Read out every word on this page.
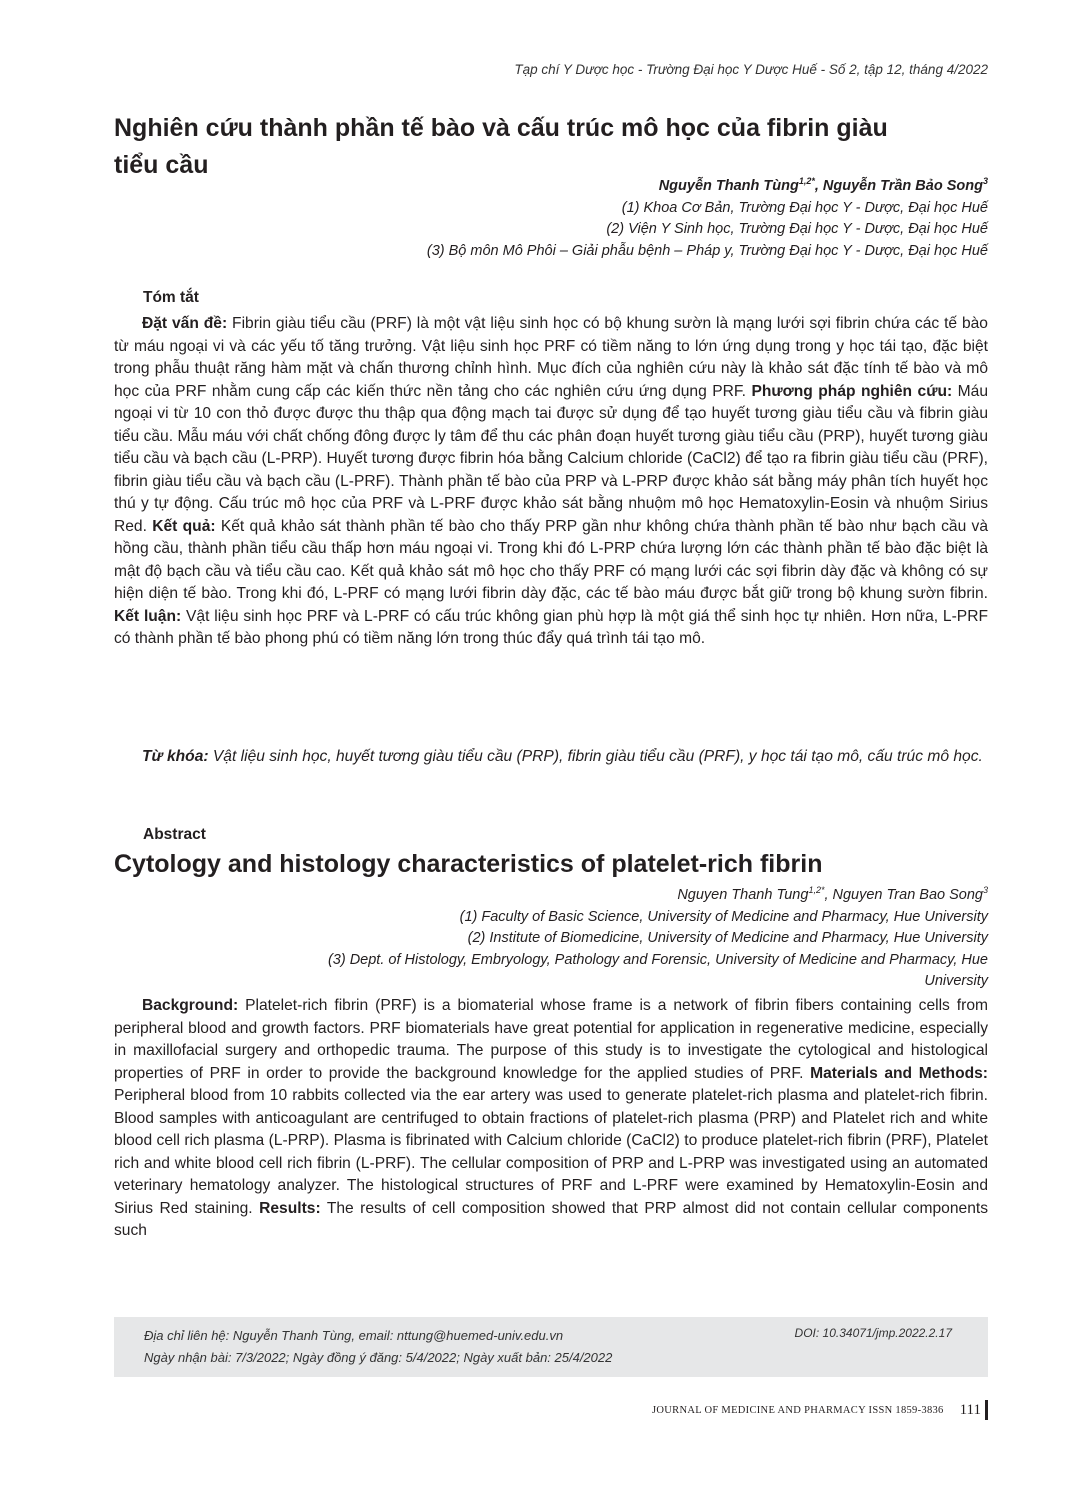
Tạp chí Y Dược học - Trường Đại học Y Dược Huế - Số 2, tập 12, tháng 4/2022
Nghiên cứu thành phần tế bào và cấu trúc mô học của fibrin giàu
tiểu cầu
Nguyễn Thanh Tùng$^{1,2*}$, Nguyễn Trần Bảo Song$^3$
(1) Khoa Cơ Bản, Trường Đại học Y - Dược, Đại học Huế
(2) Viện Y Sinh học, Trường Đại học Y - Dược, Đại học Huế
(3) Bộ môn Mô Phôi – Giải phẫu bệnh – Pháp y, Trường Đại học Y - Dược, Đại học Huế
Tóm tắt
Đặt vấn đề: Fibrin giàu tiểu cầu (PRF) là một vật liệu sinh học có bộ khung sườn là mạng lưới sợi fibrin chứa các tế bào từ máu ngoại vi và các yếu tố tăng trưởng. Vật liệu sinh học PRF có tiềm năng to lớn ứng dụng trong y học tái tạo, đặc biệt trong phẫu thuật răng hàm mặt và chấn thương chỉnh hình. Mục đích của nghiên cứu này là khảo sát đặc tính tế bào và mô học của PRF nhằm cung cấp các kiến thức nền tảng cho các nghiên cứu ứng dụng PRF. Phương pháp nghiên cứu: Máu ngoại vi từ 10 con thỏ được được thu thập qua động mạch tai được sử dụng để tạo huyết tương giàu tiểu cầu và fibrin giàu tiểu cầu. Mẫu máu với chất chống đông được ly tâm để thu các phân đoạn huyết tương giàu tiểu cầu (PRP), huyết tương giàu tiểu cầu và bạch cầu (L-PRP). Huyết tương được fibrin hóa bằng Calcium chloride (CaCl2) để tạo ra fibrin giàu tiểu cầu (PRF), fibrin giàu tiểu cầu và bạch cầu (L-PRF). Thành phần tế bào của PRP và L-PRP được khảo sát bằng máy phân tích huyết học thú y tự động. Cấu trúc mô học của PRF và L-PRF được khảo sát bằng nhuộm mô học Hematoxylin-Eosin và nhuộm Sirius Red. Kết quả: Kết quả khảo sát thành phần tế bào cho thấy PRP gần như không chứa thành phần tế bào như bạch cầu và hồng cầu, thành phần tiểu cầu thấp hơn máu ngoại vi. Trong khi đó L-PRP chứa lượng lớn các thành phần tế bào đặc biệt là mật độ bạch cầu và tiểu cầu cao. Kết quả khảo sát mô học cho thấy PRF có mạng lưới các sợi fibrin dày đặc và không có sự hiện diện tế bào. Trong khi đó, L-PRF có mạng lưới fibrin dày đặc, các tế bào máu được bắt giữ trong bộ khung sườn fibrin. Kết luận: Vật liệu sinh học PRF và L-PRF có cấu trúc không gian phù hợp là một giá thể sinh học tự nhiên. Hơn nữa, L-PRF có thành phần tế bào phong phú có tiềm năng lớn trong thúc đẩy quá trình tái tạo mô.
Từ khóa: Vật liệu sinh học, huyết tương giàu tiểu cầu (PRP), fibrin giàu tiểu cầu (PRF), y học tái tạo mô, cấu trúc mô học.
Abstract
Cytology and histology characteristics of platelet-rich fibrin
Nguyen Thanh Tung$^{1,2*}$, Nguyen Tran Bao Song$^3$
(1) Faculty of Basic Science, University of Medicine and Pharmacy, Hue University
(2) Institute of Biomedicine, University of Medicine and Pharmacy, Hue University
(3) Dept. of Histology, Embryology, Pathology and Forensic, University of Medicine and Pharmacy, Hue University
Background: Platelet-rich fibrin (PRF) is a biomaterial whose frame is a network of fibrin fibers containing cells from peripheral blood and growth factors. PRF biomaterials have great potential for application in regenerative medicine, especially in maxillofacial surgery and orthopedic trauma. The purpose of this study is to investigate the cytological and histological properties of PRF in order to provide the background knowledge for the applied studies of PRF. Materials and Methods: Peripheral blood from 10 rabbits collected via the ear artery was used to generate platelet-rich plasma and platelet-rich fibrin. Blood samples with anticoagulant are centrifuged to obtain fractions of platelet-rich plasma (PRP) and Platelet rich and white blood cell rich plasma (L-PRP). Plasma is fibrinated with Calcium chloride (CaCl2) to produce platelet-rich fibrin (PRF), Platelet rich and white blood cell rich fibrin (L-PRF). The cellular composition of PRP and L-PRP was investigated using an automated veterinary hematology analyzer. The histological structures of PRF and L-PRF were examined by Hematoxylin-Eosin and Sirius Red staining. Results: The results of cell composition showed that PRP almost did not contain cellular components such
Địa chỉ liên hệ: Nguyễn Thanh Tùng, email: nttung@huemed-univ.edu.vn
Ngày nhận bài: 7/3/2022; Ngày đồng ý đăng: 5/4/2022; Ngày xuất bản: 25/4/2022
DOI: 10.34071/jmp.2022.2.17
JOURNAL OF MEDICINE AND PHARMACY ISSN 1859-3836 111
